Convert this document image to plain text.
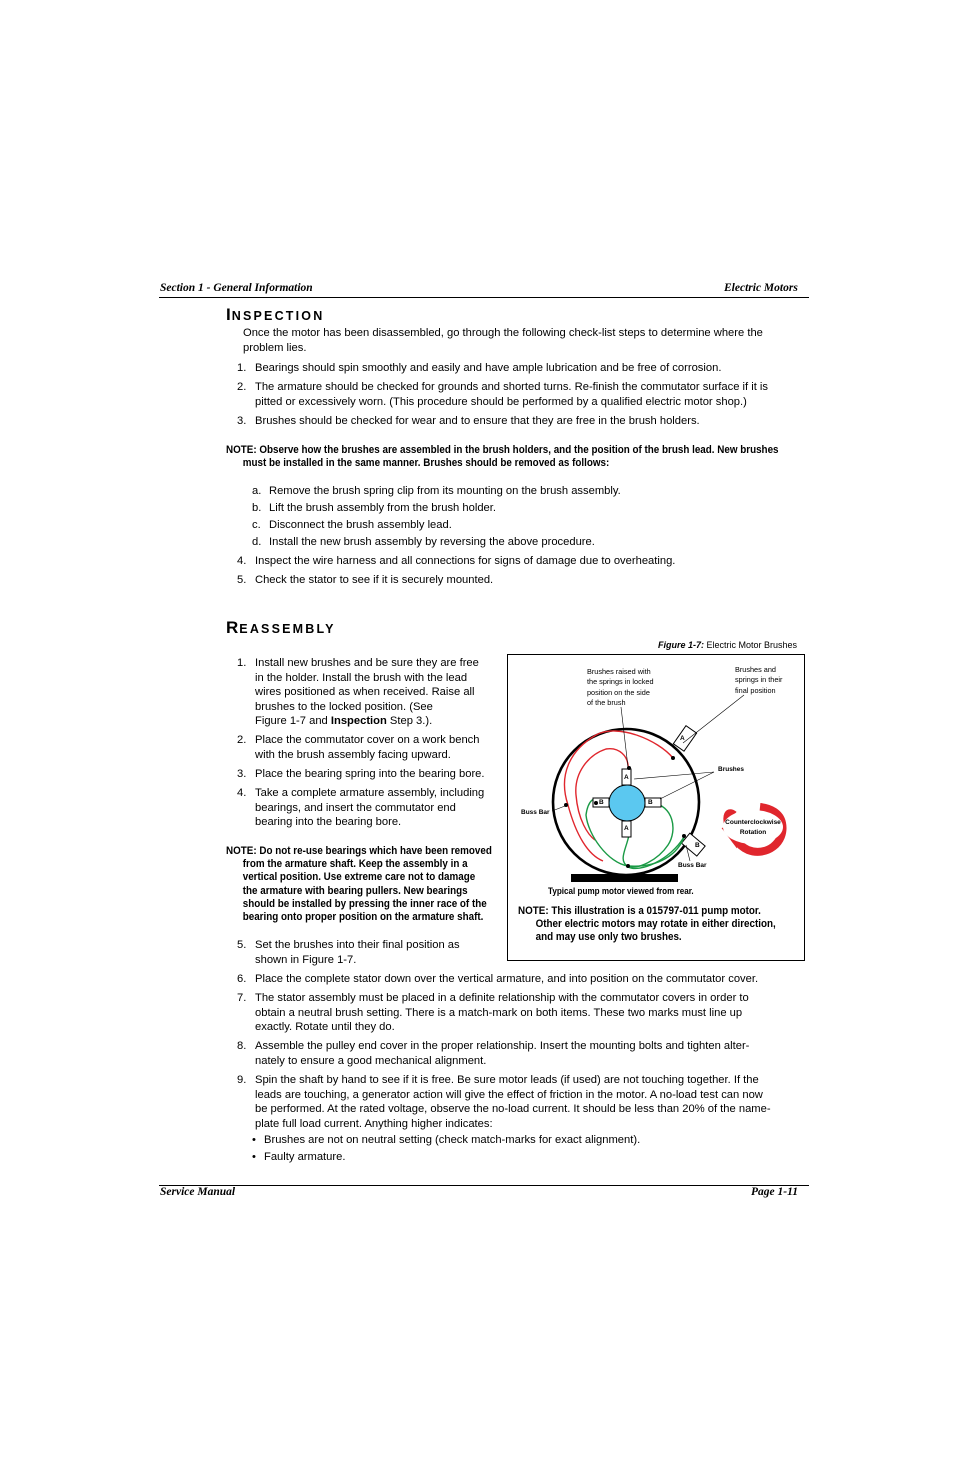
Section 1 - General Information	Electric Motors
INSPECTION
Once the motor has been disassembled, go through the following check-list steps to determine where the
problem lies.
1. Bearings should spin smoothly and easily and have ample lubrication and be free of corrosion.
2. The armature should be checked for grounds and shorted turns. Re-finish the commutator surface if it is
pitted or excessively worn. (This procedure should be performed by a qualified electric motor shop.)
3. Brushes should be checked for wear and to ensure that they are free in the brush holders.
NOTE: Observe how the brushes are assembled in the brush holders, and the position of the brush lead. New brushes
must be installed in the same manner. Brushes should be removed as follows:
a. Remove the brush spring clip from its mounting on the brush assembly.
b. Lift the brush assembly from the brush holder.
c. Disconnect the brush assembly lead.
d. Install the new brush assembly by reversing the above procedure.
4. Inspect the wire harness and all connections for signs of damage due to overheating.
5. Check the stator to see if it is securely mounted.
REASSEMBLY
Figure 1-7: Electric Motor Brushes
1. Install new brushes and be sure they are free
in the holder. Install the brush with the lead
wires positioned as when received. Raise all
brushes to the locked position. (See
Figure 1-7 and Inspection Step 3.).
2. Place the commutator cover on a work bench
with the brush assembly facing upward.
3. Place the bearing spring into the bearing bore.
4. Take a complete armature assembly, including
bearings, and insert the commutator end
bearing into the bearing bore.
NOTE: Do not re-use bearings which have been removed
from the armature shaft. Keep the assembly in a
vertical position. Use extreme care not to damage
the armature with bearing pullers. New bearings
should be installed by pressing the inner race of the
bearing onto proper position on the armature shaft.
5. Set the brushes into their final position as
shown in Figure 1-7.
6. Place the complete stator down over the vertical armature, and into position on the commutator cover.
7. The stator assembly must be placed in a definite relationship with the commutator covers in order to
obtain a neutral brush setting. There is a match-mark on both items. These two marks must line up
exactly. Rotate until they do.
8. Assemble the pulley end cover in the proper relationship. Insert the mounting bolts and tighten alter-
nately to ensure a good mechanical alignment.
9. Spin the shaft by hand to see if it is free. Be sure motor leads (if used) are not touching together. If the
leads are touching, a generator action will give the effect of friction in the motor. A no-load test can now
be performed. At the rated voltage, observe the no-load current. It should be less than 20% of the name-
plate full load current. Anything higher indicates:
• Brushes are not on neutral setting (check match-marks for exact alignment).
• Faulty armature.
A
A
A
B	B
B
Brushes raised with
the springs in locked
position on the side
of the brush
Brushes and
springs in their
final position
Brushes
Buss Bar
Buss Bar
Counterclockwise
Rotation
Typical pump motor viewed from rear.
NOTE: This illustration is a 015797-011 pump motor.
Other electric motors may rotate in either direction,
and may use only two brushes.
Service Manual	Page 1-11
